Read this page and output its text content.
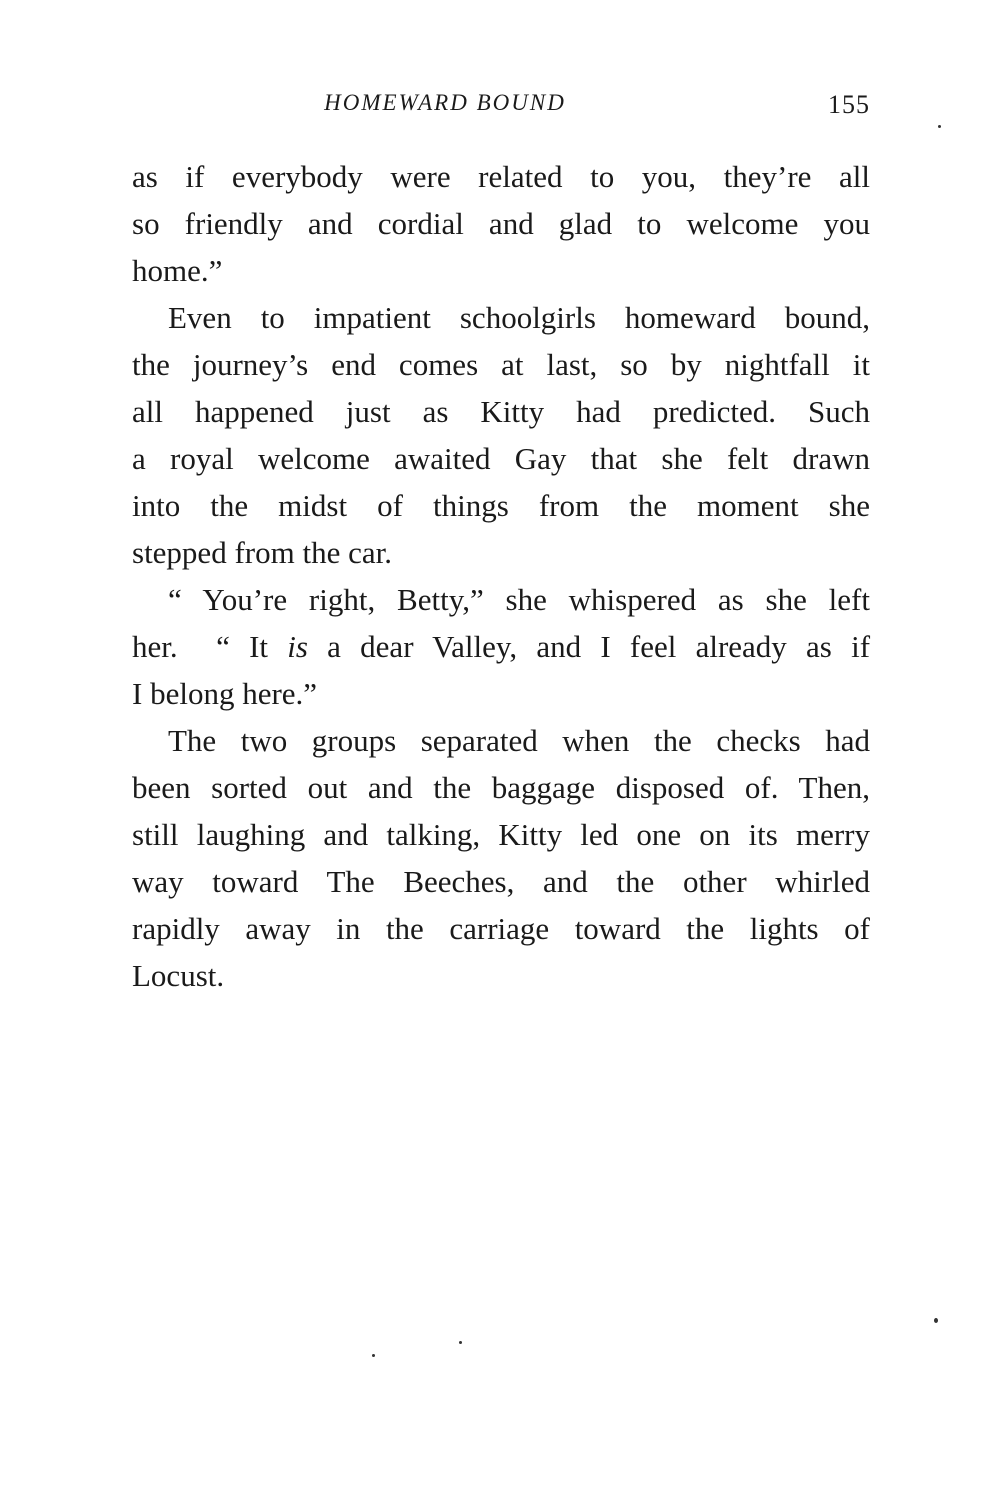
HOMEWARD BOUND	155

as if everybody were related to you, they’re all
so friendly and cordial and glad to welcome you
home.”

Even to impatient schoolgirls homeward bound,
the journey’s end comes at last, so by nightfall it
all happened just as Kitty had predicted. Such
a royal welcome awaited Gay that she felt drawn
into the midst of things from the moment she
stepped from the car.

“ You’re right, Betty,” she whispered as she left
her. “ It is a dear Valley, and I feel already as if
I belong here.”

The two groups separated when the checks had
been sorted out and the baggage disposed of. Then,
still laughing and talking, Kitty led one on its merry
way toward The Beeches, and the other whirled
rapidly away in the carriage toward the lights of
Locust.
